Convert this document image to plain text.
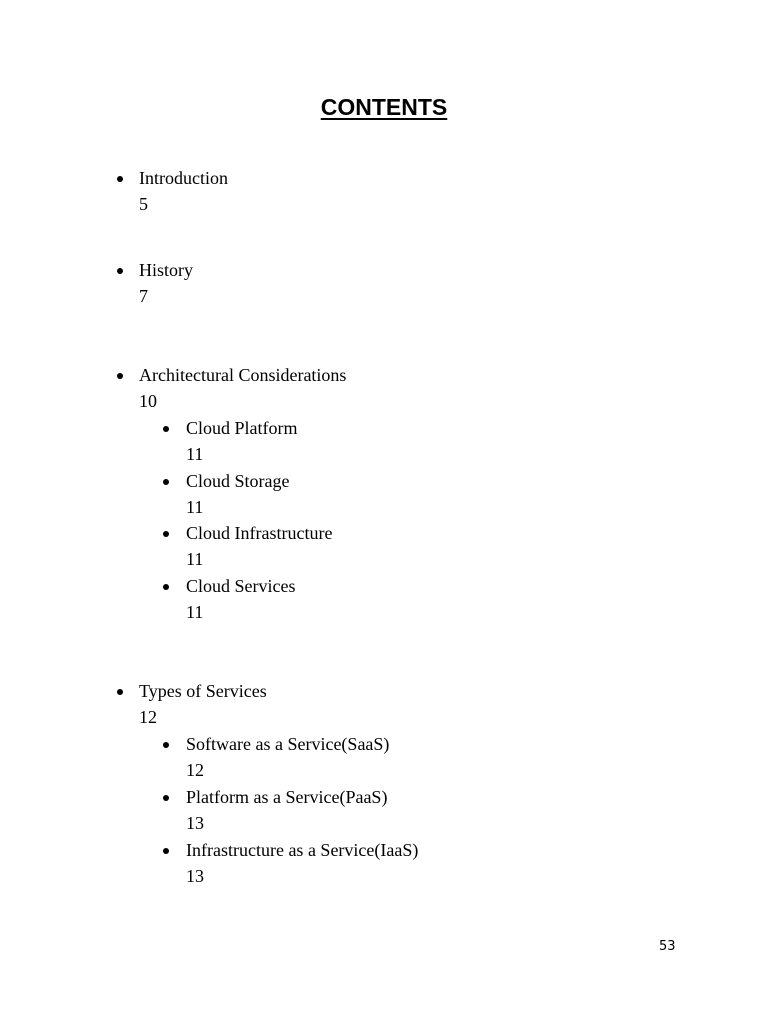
CONTENTS
Introduction
5
History
7
Architectural Considerations
10
Cloud Platform
11
Cloud Storage
11
Cloud Infrastructure
11
Cloud Services
11
Types of Services
12
Software as a Service(SaaS)
12
Platform as a Service(PaaS)
13
Infrastructure as a Service(IaaS)
13
53
